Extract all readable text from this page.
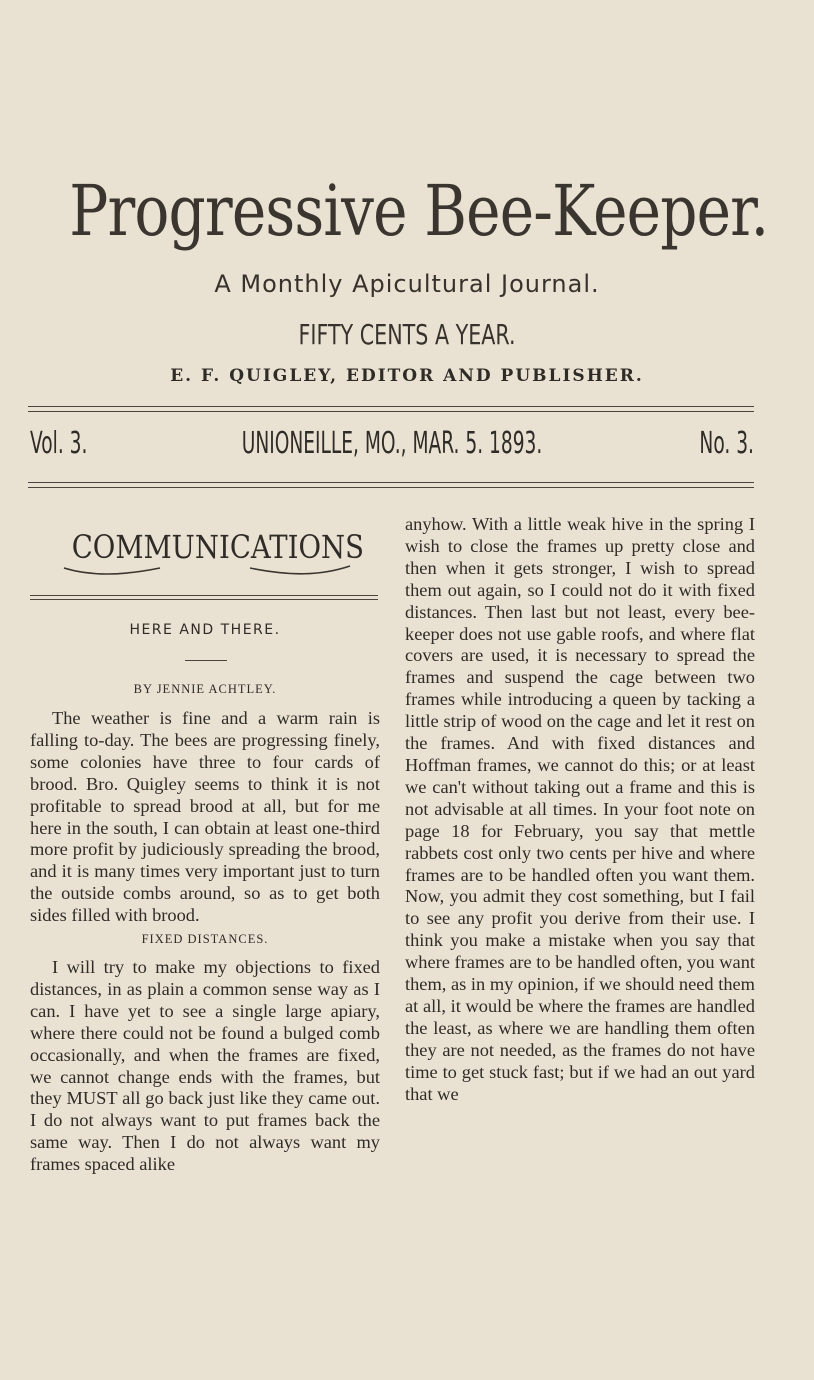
Progressive Bee-Keeper.
A Monthly Apicultural Journal.
FIFTY CENTS A YEAR.
E. F. QUIGLEY, EDITOR AND PUBLISHER.
Vol. 3.	UNIONEILLE, MO., MAR. 5. 1893.	No. 3.
COMMUNICATIONS
HERE AND THERE.
BY JENNIE ACHTLEY.

The weather is fine and a warm rain is falling to-day. The bees are progressing finely, some colonies have three to four cards of brood. Bro. Quigley seems to think it is not profitable to spread brood at all, but for me here in the south, I can obtain at least one-third more profit by judiciously spreading the brood, and it is many times very important just to turn the outside combs around, so as to get both sides filled with brood.

FIXED DISTANCES.

I will try to make my objections to fixed distances, in as plain a common sense way as I can. I have yet to see a single large apiary, where there could not be found a bulged comb occasionally, and when the frames are fixed, we cannot change ends with the frames, but they MUST all go back just like they came out. I do not always want to put frames back the same way. Then I do not always want my frames spaced alike

anyhow. With a little weak hive in the spring I wish to close the frames up pretty close and then when it gets stronger, I wish to spread them out again, so I could not do it with fixed distances. Then last but not least, every bee-keeper does not use gable roofs, and where flat covers are used, it is necessary to spread the frames and suspend the cage between two frames while introducing a queen by tacking a little strip of wood on the cage and let it rest on the frames. And with fixed distances and Hoffman frames, we cannot do this; or at least we can't without taking out a frame and this is not advisable at all times. In your foot note on page 18 for February, you say that mettle rabbets cost only two cents per hive and where frames are to be handled often you want them. Now, you admit they cost something, but I fail to see any profit you derive from their use. I think you make a mistake when you say that where frames are to be handled often, you want them, as in my opinion, if we should need them at all, it would be where the frames are handled the least, as where we are handling them often they are not needed, as the frames do not have time to get stuck fast; but if we had an out yard that we
